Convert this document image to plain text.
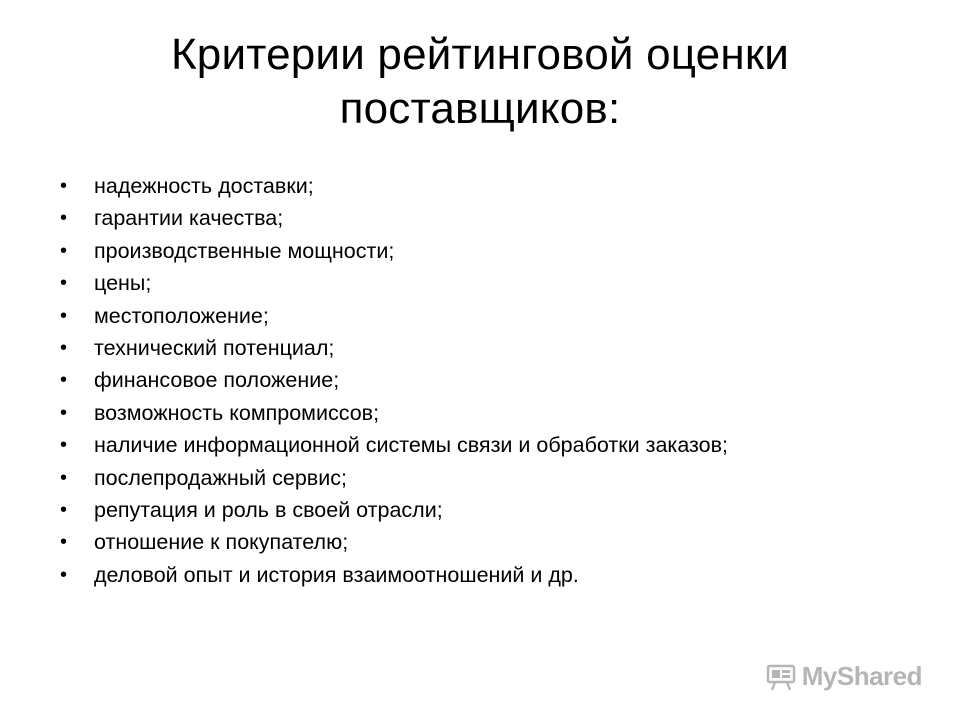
Критерии рейтинговой оценки
поставщиков:
• надежность доставки;
• гарантии качества;
• производственные мощности;
• цены;
• местоположение;
• технический потенциал;
• финансовое положение;
• возможность компромиссов;
• наличие информационной системы связи и обработки заказов;
• послепродажный сервис;
• репутация и роль в своей отрасли;
• отношение к покупателю;
• деловой опыт и история взаимоотношений и др.
MyShared
